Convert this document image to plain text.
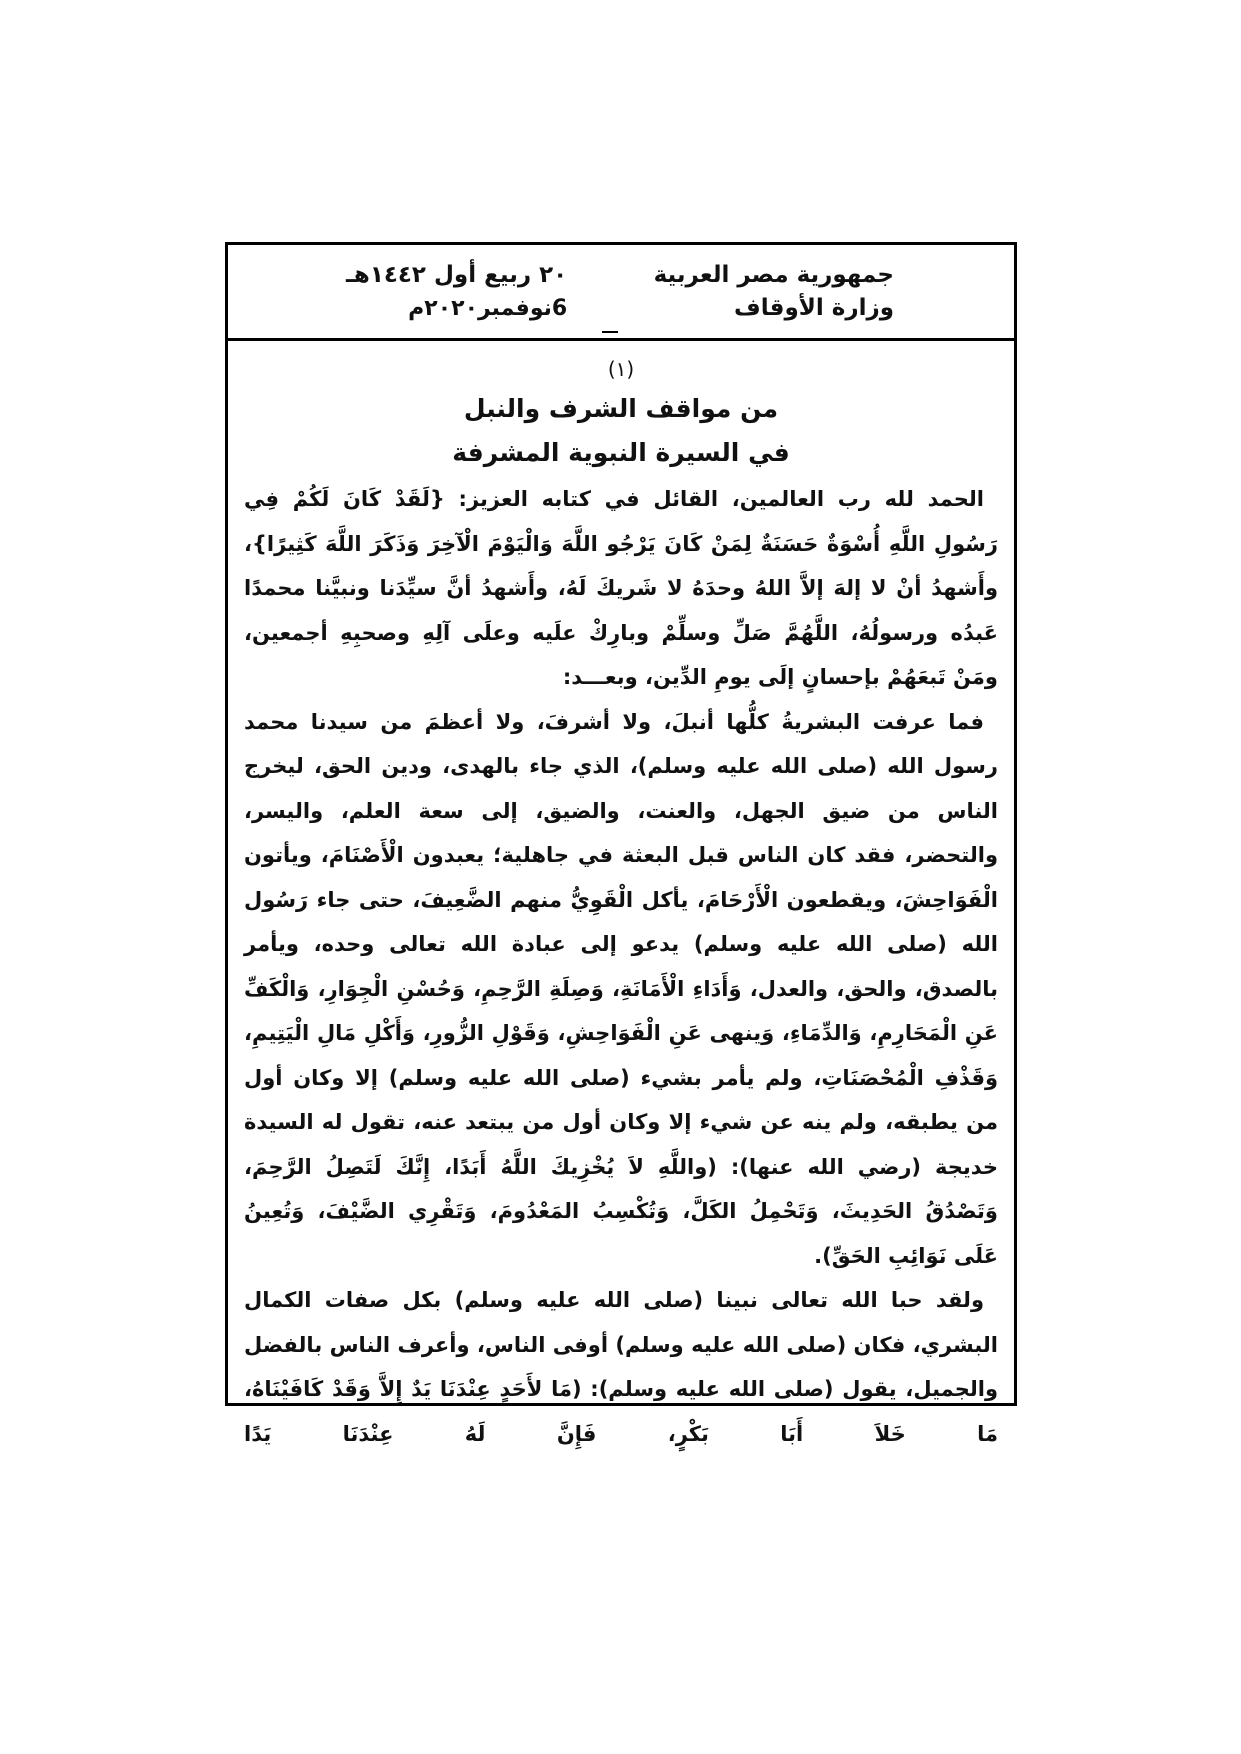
جمهورية مصر العربية
وزارة الأوقاف
٢٠ ربيع أول ١٤٤٢هـ
6نوفمبر٢٠٢٠م
(١)
من مواقف الشرف والنبل
في السيرة النبوية المشرفة

الحمد لله رب العالمين، القائل في كتابه العزيز: {لَقَدْ كَانَ لَكُمْ فِي رَسُولِ اللَّهِ أُسْوَةٌ حَسَنَةٌ لِمَنْ كَانَ يَرْجُو اللَّهَ وَالْيَوْمَ الْآخِرَ وَذَكَرَ اللَّهَ كَثِيرًا}، وأَشهدُ أنْ لا إلهَ إلاَّ اللهُ وحدَهُ لا شَريكَ لَهُ، وأَشهدُ أنَّ سيِّدَنا ونبيَّنا محمدًا عَبدُه ورسولُهُ، اللَّهُمَّ صَلِّ وسلِّمْ وبارِكْ علَيه وعلَى آلِهِ وصحبِهِ أجمعين، ومَنْ تَبعَهُمْ بإحسانٍ إلَى يومِ الدِّين، وبعـــد:

فما عرفت البشريةُ كلُّها أنبلَ، ولا أشرفَ، ولا أعظمَ من سيدنا محمد رسول الله (صلى الله عليه وسلم)، الذي جاء بالهدى، ودين الحق، ليخرج الناس من ضيق الجهل، والعنت، والضيق، إلى سعة العلم، واليسر، والتحضر، فقد كان الناس قبل البعثة في جاهلية؛ يعبدون الْأَصْنَامَ، ويأتون الْفَوَاحِشَ، ويقطعون الْأَرْحَامَ، يأكل الْقَوِيُّ منهم الضَّعِيفَ، حتى جاء رَسُول الله (صلى الله عليه وسلم) يدعو إلى عبادة الله تعالى وحده، ويأمر بالصدق، والحق، والعدل، وَأَدَاءِ الْأَمَانَةِ، وَصِلَةِ الرَّحِمِ، وَحُسْنِ الْجِوَارِ، وَالْكَفِّ عَنِ الْمَحَارِمِ، وَالدِّمَاءِ، وَينهى عَنِ الْفَوَاحِشِ، وَقَوْلِ الزُّورِ، وَأَكْلِ مَالِ الْيَتِيمِ، وَقَذْفِ الْمُحْصَنَاتِ، ولم يأمر بشيء (صلى الله عليه وسلم) إلا وكان أول من يطبقه، ولم ينه عن شيء إلا وكان أول من يبتعد عنه، تقول له السيدة خديجة (رضي الله عنها): (واللَّهِ لاَ يُخْزِيكَ اللَّهُ أَبَدًا، إِنَّكَ لَتَصِلُ الرَّحِمَ، وَتَصْدُقُ الحَدِيثَ، وَتَحْمِلُ الكَلَّ، وَتُكْسِبُ المَعْدُومَ، وَتَقْرِي الضَّيْفَ، وَتُعِينُ عَلَى نَوَائِبِ الحَقِّ).

ولقد حبا الله تعالى نبينا (صلى الله عليه وسلم) بكل صفات الكمال البشري، فكان (صلى الله عليه وسلم) أوفى الناس، وأعرف الناس بالفضل والجميل، يقول (صلى الله عليه وسلم): (مَا لأَحَدٍ عِنْدَنَا يَدٌ إِلاَّ وَقَدْ كَافَيْنَاهُ، مَا خَلاَ أَبَا بَكْرٍ، فَإِنَّ لَهُ عِنْدَنَا يَدًا
